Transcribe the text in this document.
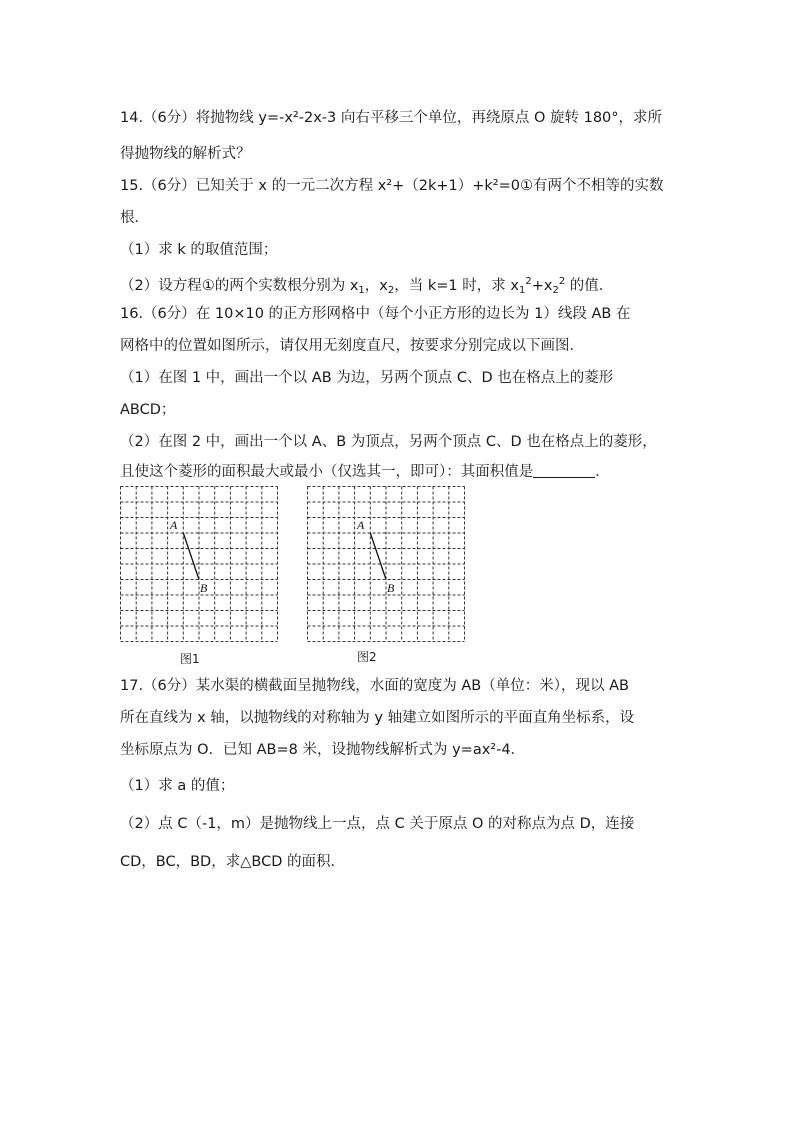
14.（6分）将抛物线 y=-x²-2x-3 向右平移三个单位，再绕原点 O 旋转 180°，求所
得抛物线的解析式？
15.（6分）已知关于 x 的一元二次方程 x²+（2k+1）+k²=0①有两个不相等的实数
根．
（1）求 k 的取值范围；
（2）设方程①的两个实数根分别为 $x_1$，$x_2$，当 k=1 时，求 $x_1^2+x_2^2$ 的值．
16.（6分）在 10×10 的正方形网格中（每个小正方形的边长为 1）线段 AB 在
网格中的位置如图所示，请仅用无刻度直尺，按要求分别完成以下画图．
（1）在图 1 中，画出一个以 AB 为边，另两个顶点 C、D 也在格点上的菱形
ABCD；
（2）在图 2 中，画出一个以 A、B 为顶点，另两个顶点 C、D 也在格点上的菱形，
且使这个菱形的面积最大或最小（仅选其一，即可）：其面积值是	．
A
B
图1
A
B
图2
17.（6分）某水渠的横截面呈抛物线，水面的宽度为 AB（单位：米），现以 AB
所在直线为 x 轴，以抛物线的对称轴为 y 轴建立如图所示的平面直角坐标系，设
坐标原点为 O．已知 AB=8 米，设抛物线解析式为 y=ax²-4．
（1）求 a 的值；
（2）点 C（-1，m）是抛物线上一点，点 C 关于原点 O 的对称点为点 D，连接
CD，BC，BD，求△BCD 的面积．
